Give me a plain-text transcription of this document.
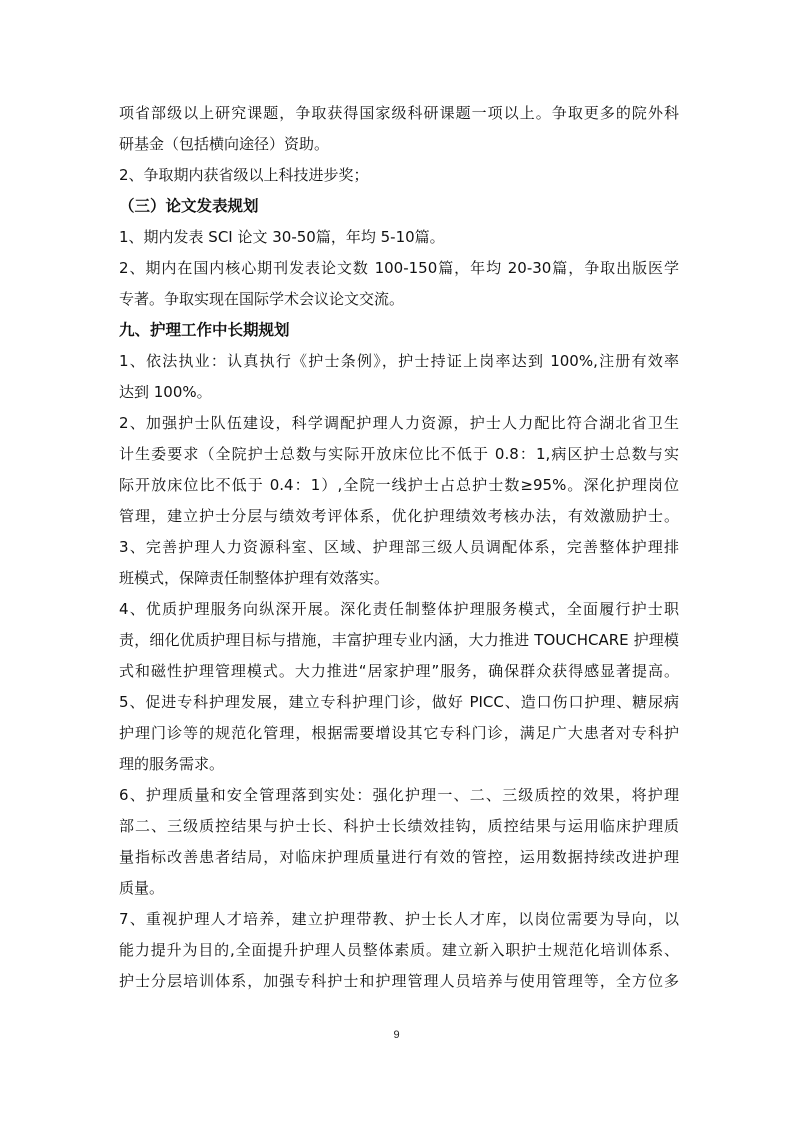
项省部级以上研究课题，争取获得国家级科研课题一项以上。争取更多的院外科
研基金（包括横向途径）资助。
2、争取期内获省级以上科技进步奖；
（三）论文发表规划
1、期内发表 SCI 论文 30-50篇，年均 5-10篇。
2、期内在国内核心期刊发表论文数 100-150篇，年均 20-30篇，争取出版医学
专著。争取实现在国际学术会议论文交流。
九、护理工作中长期规划
1、依法执业：认真执行《护士条例》，护士持证上岗率达到 100%,注册有效率
达到 100%。
2、加强护士队伍建设，科学调配护理人力资源，护士人力配比符合湖北省卫生
计生委要求（全院护士总数与实际开放床位比不低于 0.8：1,病区护士总数与实
际开放床位比不低于 0.4：1）,全院一线护士占总护士数≥95%。深化护理岗位
管理，建立护士分层与绩效考评体系，优化护理绩效考核办法，有效激励护士。
3、完善护理人力资源科室、区域、护理部三级人员调配体系，完善整体护理排
班模式，保障责任制整体护理有效落实。
4、优质护理服务向纵深开展。深化责任制整体护理服务模式，全面履行护士职
责，细化优质护理目标与措施，丰富护理专业内涵，大力推进 TOUCHCARE 护理模
式和磁性护理管理模式。大力推进“居家护理”服务，确保群众获得感显著提高。
5、促进专科护理发展，建立专科护理门诊，做好 PICC、造口伤口护理、糖尿病
护理门诊等的规范化管理，根据需要增设其它专科门诊，满足广大患者对专科护
理的服务需求。
6、护理质量和安全管理落到实处：强化护理一、二、三级质控的效果，将护理
部二、三级质控结果与护士长、科护士长绩效挂钩，质控结果与运用临床护理质
量指标改善患者结局，对临床护理质量进行有效的管控，运用数据持续改进护理
质量。
7、重视护理人才培养，建立护理带教、护士长人才库，以岗位需要为导向，以
能力提升为目的,全面提升护理人员整体素质。建立新入职护士规范化培训体系、
护士分层培训体系，加强专科护士和护理管理人员培养与使用管理等，全方位多
9
